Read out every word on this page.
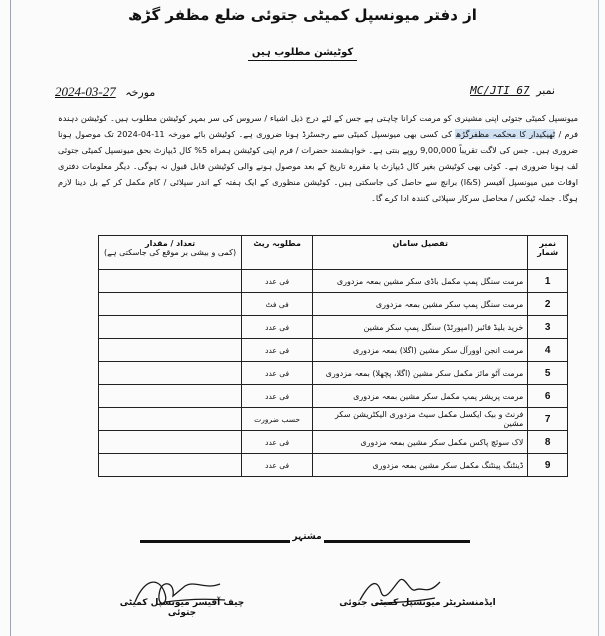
از دفتر میونسپل کمیٹی جتوئی ضلع مظفر گڑھ
کوٹیشن مطلوب ہیں
نمبر MC/JTI 67
مورخہ 27-03-2024
میونسپل کمیٹی جتوئی اپنی مشینری کو مرمت کرانا چاہتی ہے جس کے لئے درج ذیل اشیاء / سروس کی سر بمہر کوٹیشن مطلوب ہیں۔ کوٹیشن دہندہ فرم / ٹھیکیدار کا محکمہ مظفرگڑھ کی کسی بھی میونسپل کمیٹی سے رجسٹرڈ ہونا ضروری ہے۔ کوٹیشن بائے مورخہ 11-04-2024 تک موصول ہونا ضروری ہیں۔ جس کی لاگت تقریباً 9,00,000 روپے بنتی ہے۔ خواہشمند حضرات / فرم اپنی کوٹیشن ہمراہ 5% کال ڈیپازٹ بحق میونسپل کمیٹی جتوئی لف ہونا ضروری ہے۔ کوئی بھی کوٹیشن بغیر کال ڈیپازٹ یا مقررہ تاریخ کے بعد موصول ہونے والی کوٹیشن قابل قبول نہ ہوگی۔ دیگر معلومات دفتری اوقات میں میونسپل آفیسر (I&S) برانچ سے حاصل کی جاسکتی ہیں۔ کوٹیشن منظوری کے ایک ہفتہ کے اندر سپلائی / کام مکمل کر کے بل دینا لازم ہوگا۔ جملہ ٹیکس / محاصل سرکار سپلائی کنندہ ادا کرے گا۔
نمبر شمار	تفصیل سامان	مطلوبہ ریٹ	تعداد / مقدار
(کمی و بیشی بر موقع کی جاسکتی ہے)
1	مرمت سنگل پمپ مکمل باڈی سکر مشین بمعہ مزدوری	فی عدد	
2	مرمت سنگل پمپ سکر مشین بمعہ مزدوری	فی فٹ	
3	خرید بلیڈ فائبر (امپورٹڈ) سنگل پمپ سکر مشین	فی عدد	
4	مرمت انجن اوورآل سکر مشین (اگلا) بمعہ مزدوری	فی عدد	
5	مرمت آٹو مائز مکمل سکر مشین (اگلا، پچھلا) بمعہ مزدوری	فی عدد	
6	مرمت پریشر پمپ مکمل سکر مشین بمعہ مزدوری	فی عدد	
7	فرنٹ و بیک ایکسل مکمل سیٹ مزدوری الیکٹریشن سکر مشین	حسب ضرورت	
8	لاک سوئچ پاکس مکمل سکر مشین بمعہ مزدوری	فی عدد	
9	ڈینٹنگ پینٹنگ مکمل سکر مشین بمعہ مزدوری	فی عدد	
مشتہر
چیف آفیسر میونسپل کمیٹی جتوئی
ایڈمنسٹریٹر میونسپل کمیٹی جتوئی
